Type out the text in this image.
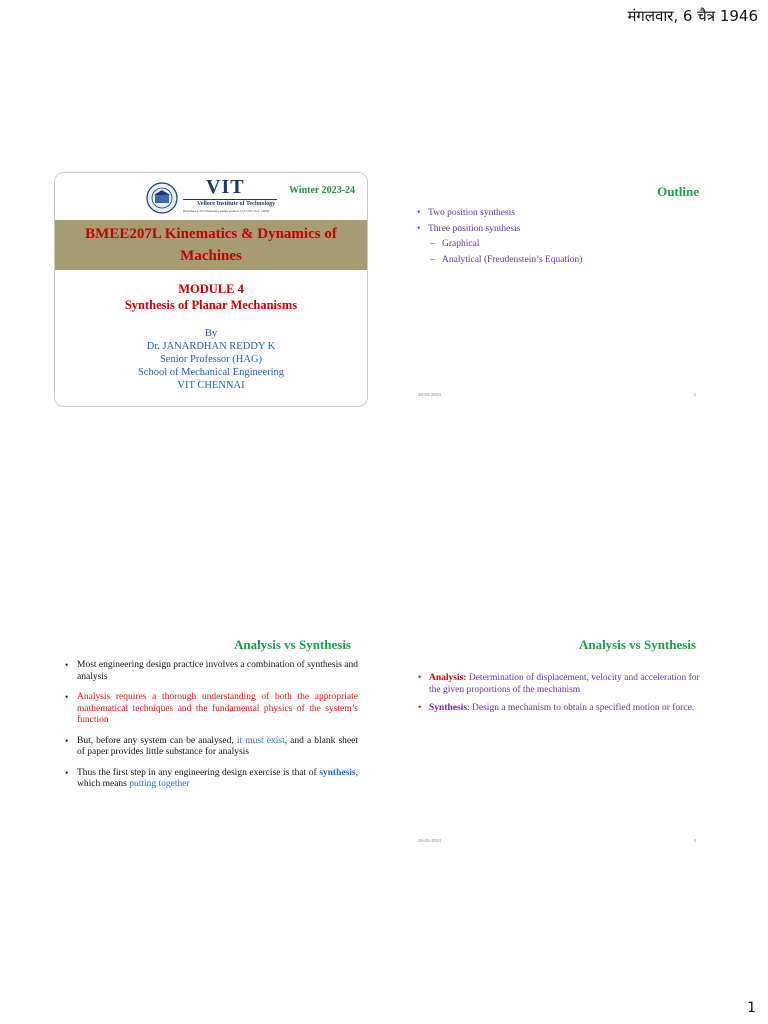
मंगलवार, 6 चैत्र 1946
VIT
Vellore Institute of Technology
(Deemed to be University under section 3 of UGC Act, 1956)
Winter 2023-24
BMEE207L Kinematics & Dynamics of Machines
MODULE 4
Synthesis of Planar Mechanisms
By
Dr. JANARDHAN REDDY K
Senior Professor (HAG)
School of Mechanical Engineering
VIT CHENNAI
Outline
• Two position synthesis
• Three position synthesis
– Graphical
– Analytical (Freudenstein’s Equation)
26-03-2024	2
Analysis vs Synthesis
• Most engineering design practice involves a combination of synthesis and analysis
• Analysis requires a thorough understanding of both the appropriate mathematical techniques and the fundamental physics of the system’s function
• But, before any system can be analysed, it must exist, and a blank sheet of paper provides little substance for analysis
• Thus the first step in any engineering design exercise is that of synthesis, which means putting together
Analysis vs Synthesis
• Analysis: Determination of displacement, velocity and acceleration for the given proportions of the mechanism
• Synthesis: Design a mechanism to obtain a specified motion or force.
26-03-2024	4
1
